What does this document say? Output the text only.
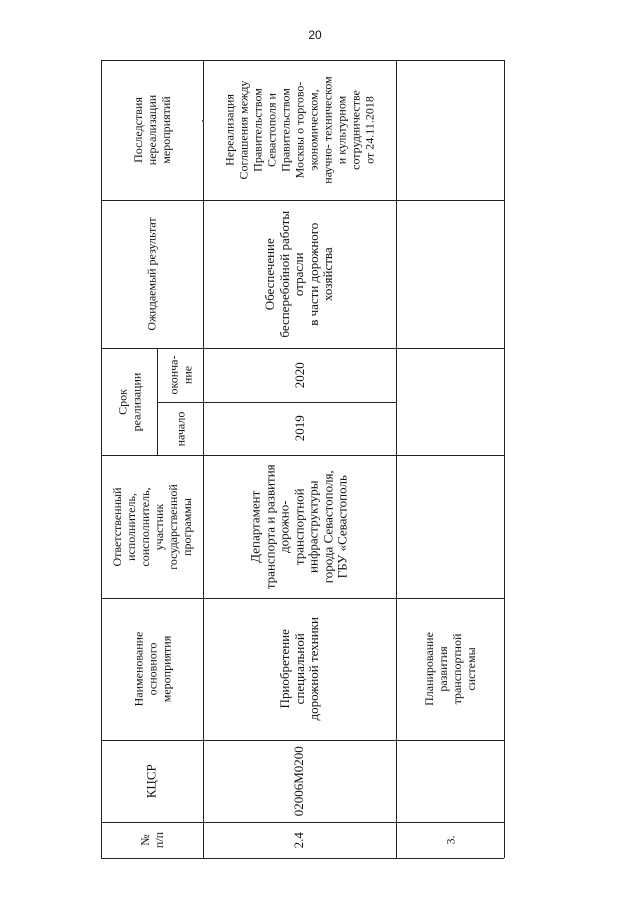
20
Последствия
нереализации
мероприятий
Ожидаемый результат
Срок
реализации оконча-
ние
начало
Ответственный
исполнитель,
соисполнитель,
участник
государственной
программы
Наименование
основного
мероприятия
КЦСР
№
п/п
Нереализация
Соглашения между
Правительством
Севастополя и
Правительством
Москвы о торгово-
экономическом,
научно- техническом
и культурном
сотрудничестве
от 24.11.2018
Обеспечение
бесперебойной работы
отрасли
в части дорожного
хозяйства
2020
2019
Департамент
транспорта и развития
дорожно-
транспортной
инфраструктуры
города Севастополя,
ГБУ «Севастополь
Приобретение
специальной
дорожной техники
02006M0200
2.4
Планирование
развития
транспортной
системы
3.
